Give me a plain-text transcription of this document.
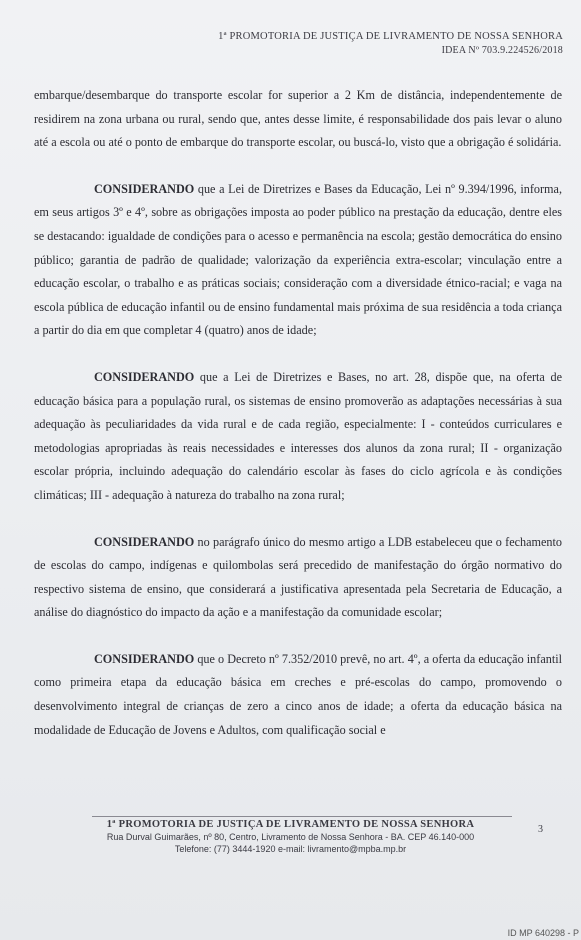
1ª PROMOTORIA DE JUSTIÇA DE LIVRAMENTO DE NOSSA SENHORA
IDEA Nº 703.9.224526/2018

embarque/desembarque do transporte escolar for superior a 2 Km de distância, independentemente de residirem na zona urbana ou rural, sendo que, antes desse limite, é responsabilidade dos pais levar o aluno até a escola ou até o ponto de embarque do transporte escolar, ou buscá-lo, visto que a obrigação é solidária.

CONSIDERANDO que a Lei de Diretrizes e Bases da Educação, Lei nº 9.394/1996, informa, em seus artigos 3º e 4º, sobre as obrigações imposta ao poder público na prestação da educação, dentre eles se destacando: igualdade de condições para o acesso e permanência na escola; gestão democrática do ensino público; garantia de padrão de qualidade; valorização da experiência extra-escolar; vinculação entre a educação escolar, o trabalho e as práticas sociais; consideração com a diversidade étnico-racial; e vaga na escola pública de educação infantil ou de ensino fundamental mais próxima de sua residência a toda criança a partir do dia em que completar 4 (quatro) anos de idade;

CONSIDERANDO que a Lei de Diretrizes e Bases, no art. 28, dispõe que, na oferta de educação básica para a população rural, os sistemas de ensino promoverão as adaptações necessárias à sua adequação às peculiaridades da vida rural e de cada região, especialmente: I - conteúdos curriculares e metodologias apropriadas às reais necessidades e interesses dos alunos da zona rural; II - organização escolar própria, incluindo adequação do calendário escolar às fases do ciclo agrícola e às condições climáticas; III - adequação à natureza do trabalho na zona rural;

CONSIDERANDO no parágrafo único do mesmo artigo a LDB estabeleceu que o fechamento de escolas do campo, indígenas e quilombolas será precedido de manifestação do órgão normativo do respectivo sistema de ensino, que considerará a justificativa apresentada pela Secretaria de Educação, a análise do diagnóstico do impacto da ação e a manifestação da comunidade escolar;

CONSIDERANDO que o Decreto nº 7.352/2010 prevê, no art. 4º, a oferta da educação infantil como primeira etapa da educação básica em creches e pré-escolas do campo, promovendo o desenvolvimento integral de crianças de zero a cinco anos de idade; a oferta da educação básica na modalidade de Educação de Jovens e Adultos, com qualificação social e

1ª PROMOTORIA DE JUSTIÇA DE LIVRAMENTO DE NOSSA SENHORA
Rua Durval Guimarães, nº 80, Centro, Livramento de Nossa Senhora - BA. CEP 46.140-000
Telefone: (77) 3444-1920 e-mail: livramento@mpba.mp.br
3
ID MP 640298 - P
